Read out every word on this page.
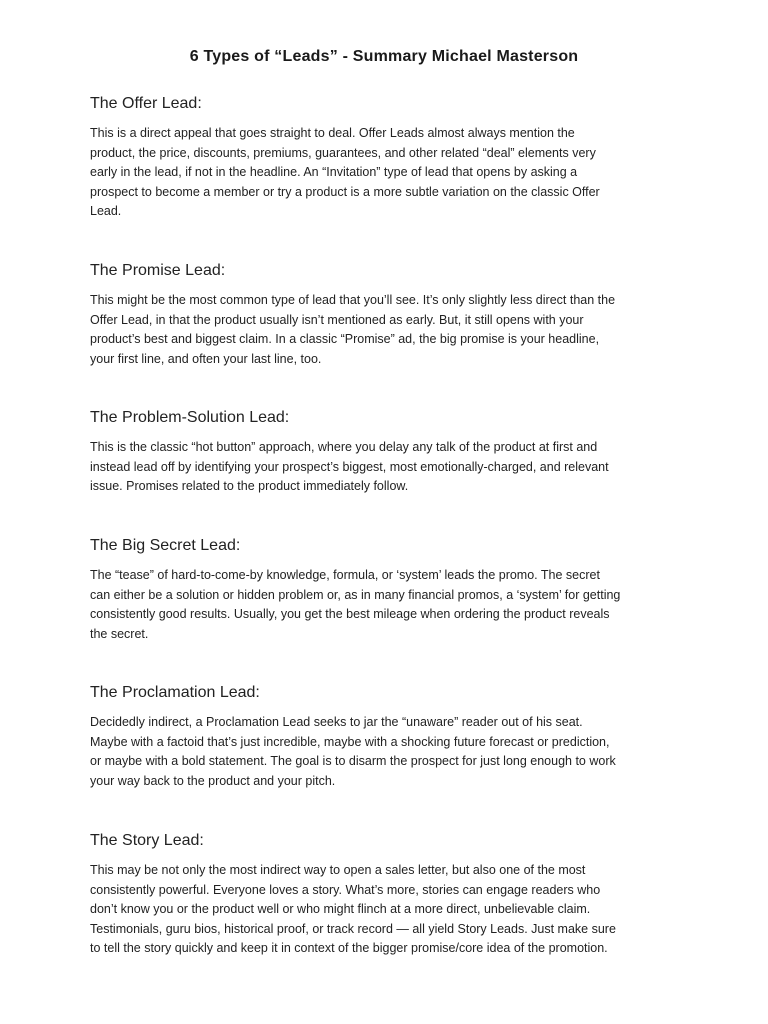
6 Types of “Leads” - Summary Michael Masterson
The Offer Lead:

This is a direct appeal that goes straight to deal. Offer Leads almost always mention the
product, the price, discounts, premiums, guarantees, and other related “deal” elements very
early in the lead, if not in the headline. An “Invitation” type of lead that opens by asking a
prospect to become a member or try a product is a more subtle variation on the classic Offer
Lead.

The Promise Lead:

This might be the most common type of lead that you’ll see. It’s only slightly less direct than the
Offer Lead, in that the product usually isn’t mentioned as early. But, it still opens with your
product’s best and biggest claim. In a classic “Promise” ad, the big promise is your headline,
your first line, and often your last line, too.

The Problem-Solution Lead:

This is the classic “hot button” approach, where you delay any talk of the product at first and
instead lead off by identifying your prospect’s biggest, most emotionally-charged, and relevant
issue. Promises related to the product immediately follow.

The Big Secret Lead:

The “tease” of hard-to-come-by knowledge, formula, or ‘system’ leads the promo. The secret
can either be a solution or hidden problem or, as in many financial promos, a ‘system’ for getting
consistently good results. Usually, you get the best mileage when ordering the product reveals
the secret.

The Proclamation Lead:

Decidedly indirect, a Proclamation Lead seeks to jar the “unaware” reader out of his seat.
Maybe with a factoid that’s just incredible, maybe with a shocking future forecast or prediction,
or maybe with a bold statement. The goal is to disarm the prospect for just long enough to work
your way back to the product and your pitch.

The Story Lead:

This may be not only the most indirect way to open a sales letter, but also one of the most
consistently powerful. Everyone loves a story. What’s more, stories can engage readers who
don’t know you or the product well or who might flinch at a more direct, unbelievable claim.
Testimonials, guru bios, historical proof, or track record — all yield Story Leads. Just make sure
to tell the story quickly and keep it in context of the bigger promise/core idea of the promotion.
